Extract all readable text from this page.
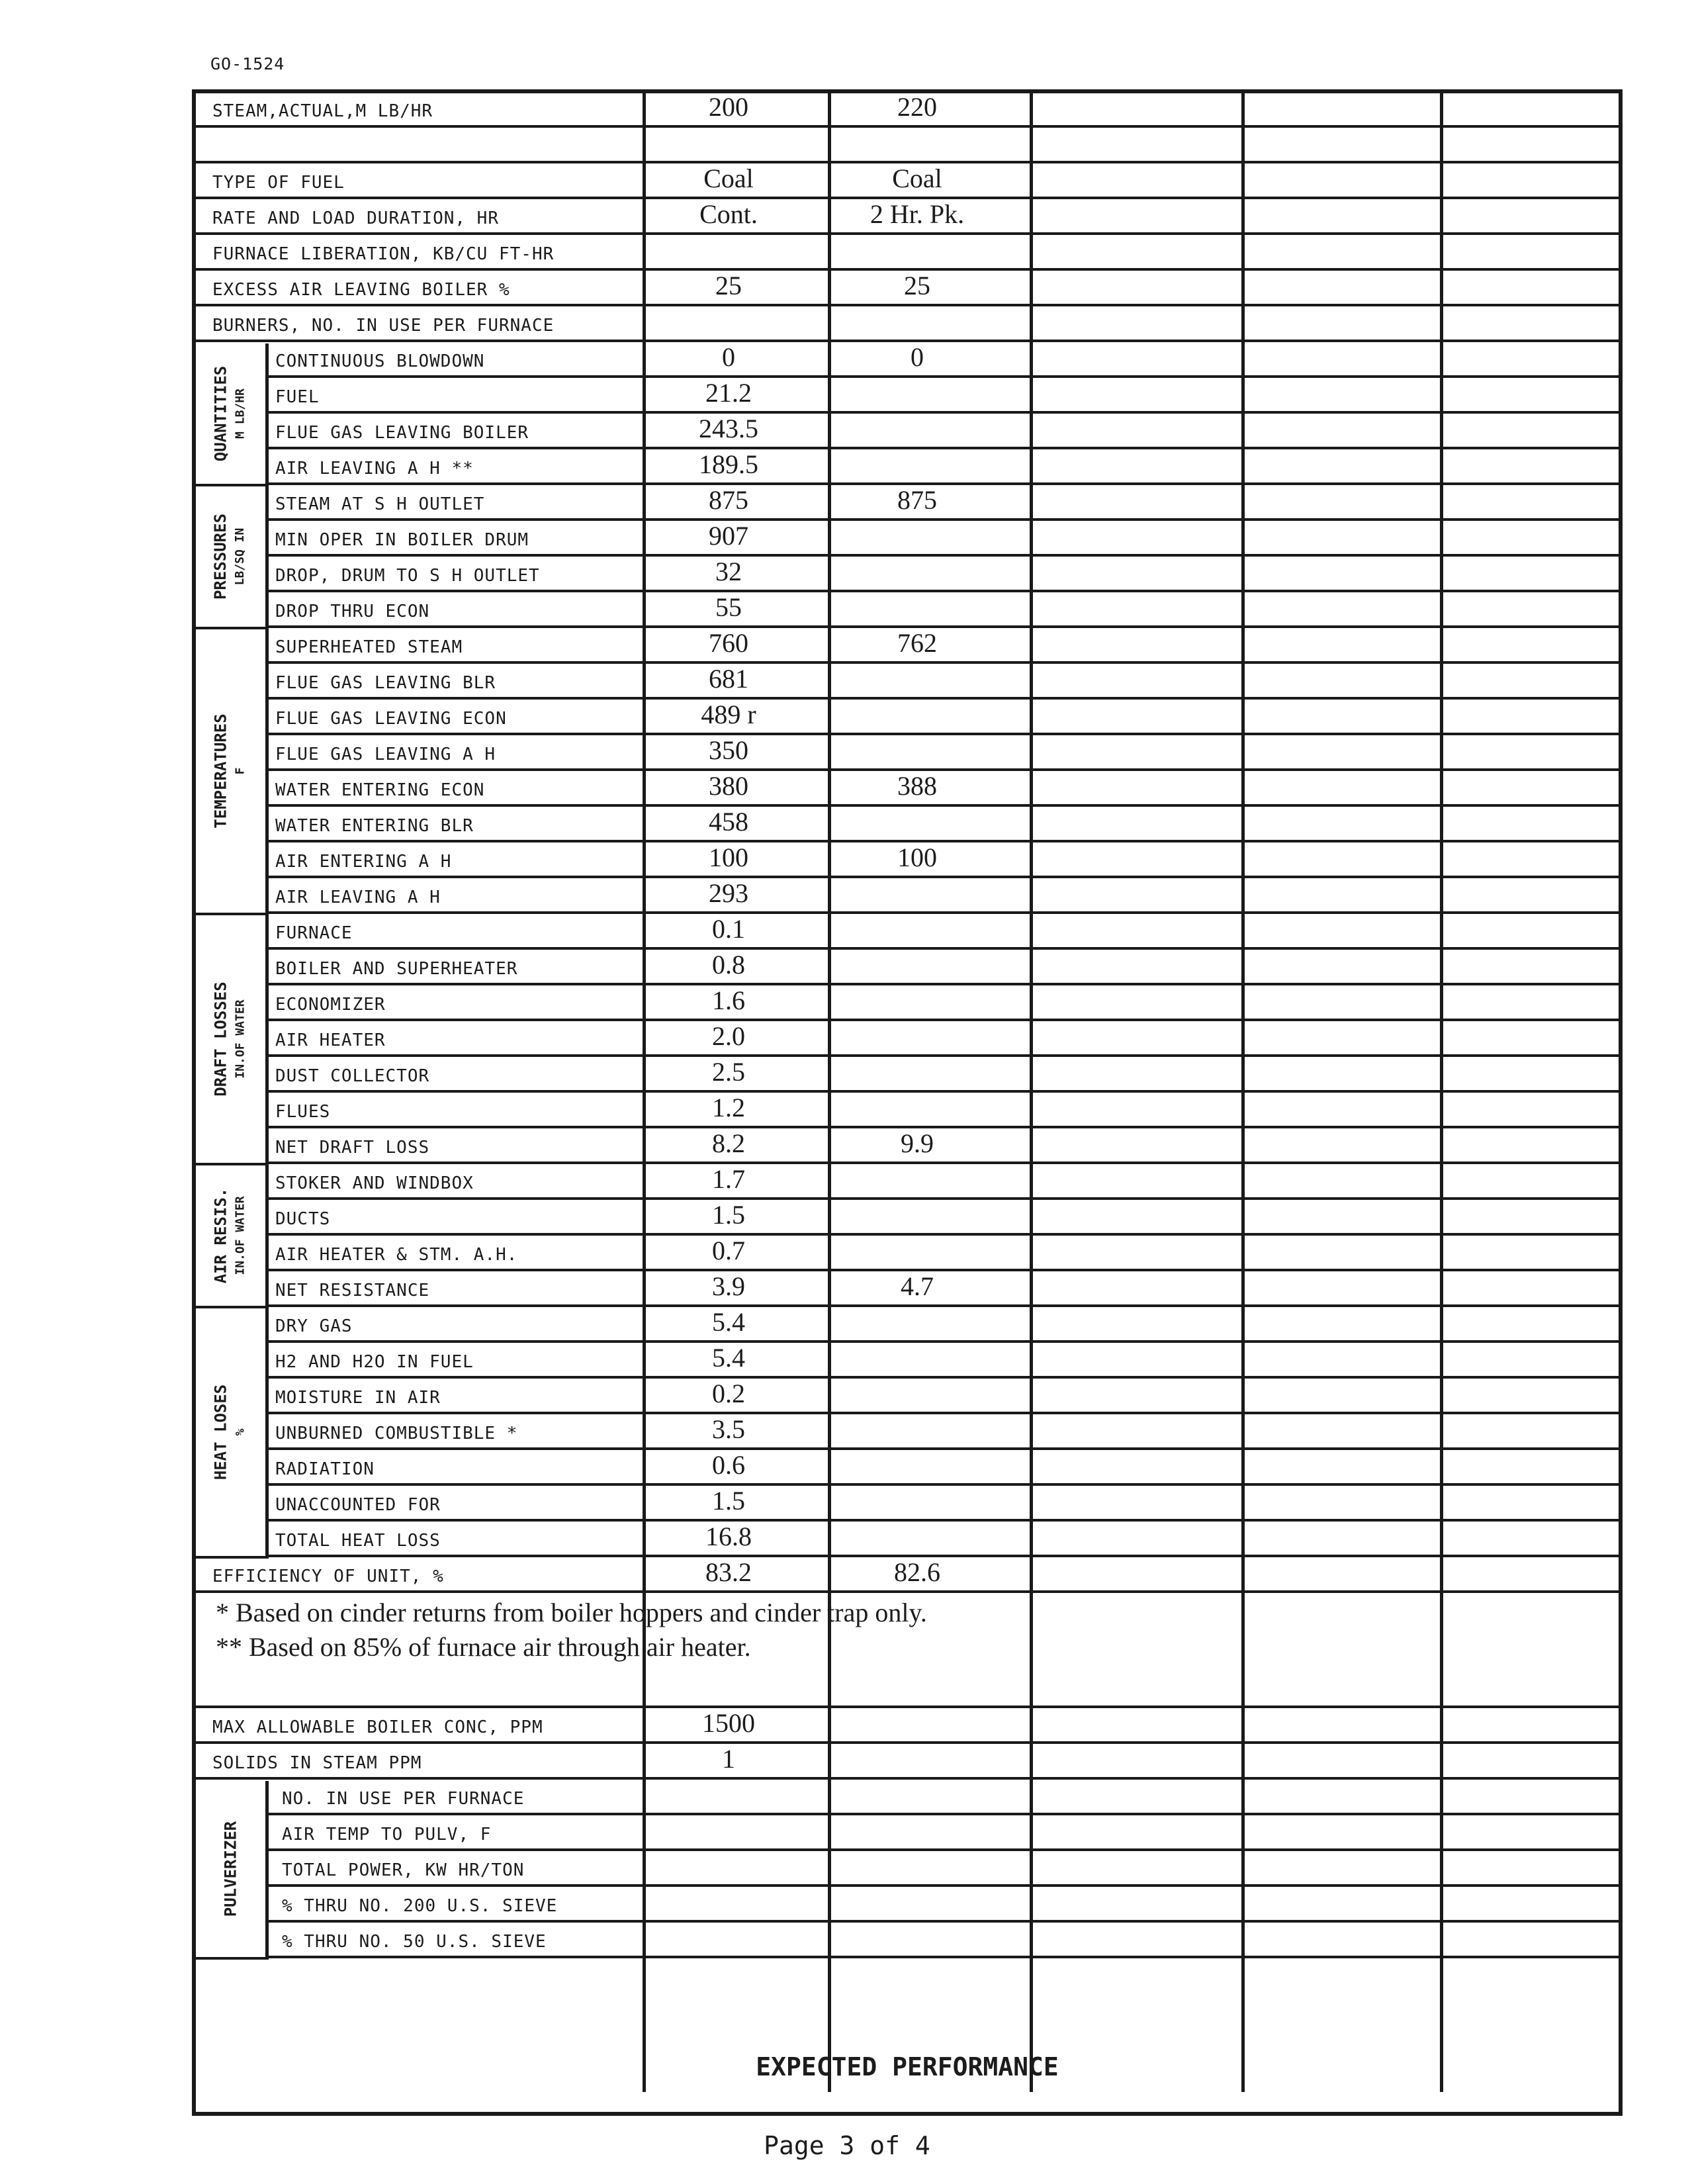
GO-1524
EXPECTED PERFORMANCE
STEAM,ACTUAL,M LB/HR	200	220
TYPE OF FUEL	Coal	Coal
RATE AND LOAD DURATION, HR	Cont.	2 Hr. Pk.
FURNACE LIBERATION, KB/CU FT-HR
EXCESS AIR LEAVING BOILER %	25	25
BURNERS, NO. IN USE PER FURNACE
CONTINUOUS BLOWDOWN	0	0
FUEL	21.2
FLUE GAS LEAVING BOILER	243.5
AIR LEAVING A H **	189.5
QUANTITIES M LB/HR
STEAM AT S H OUTLET	875	875
MIN OPER IN BOILER DRUM	907
DROP, DRUM TO S H OUTLET	32
DROP THRU ECON	55
PRESSURES LB/SQ IN
SUPERHEATED STEAM	760	762
FLUE GAS LEAVING BLR	681
FLUE GAS LEAVING ECON	489 r
FLUE GAS LEAVING A H	350
WATER ENTERING ECON	380	388
WATER ENTERING BLR	458
AIR ENTERING A H	100	100
AIR LEAVING A H	293
TEMPERATURES F
FURNACE	0.1
BOILER AND SUPERHEATER	0.8
ECONOMIZER	1.6
AIR HEATER	2.0
DUST COLLECTOR	2.5
FLUES	1.2
NET DRAFT LOSS	8.2	9.9
DRAFT LOSSES IN.OF WATER
STOKER AND WINDBOX	1.7
DUCTS	1.5
AIR HEATER & STM. A.H.	0.7
NET RESISTANCE	3.9	4.7
AIR RESIS. IN.OF WATER
DRY GAS	5.4
H2 AND H2O IN FUEL	5.4
MOISTURE IN AIR	0.2
UNBURNED COMBUSTIBLE *	3.5
RADIATION	0.6
UNACCOUNTED FOR	1.5
TOTAL HEAT LOSS	16.8
HEAT LOSES %
EFFICIENCY OF UNIT, %	83.2	82.6
* Based on cinder returns from boiler hoppers and cinder trap only.
** Based on 85% of furnace air through air heater.
MAX ALLOWABLE BOILER CONC, PPM	1500
SOLIDS IN STEAM PPM	1
NO. IN USE PER FURNACE
AIR TEMP TO PULV, F
TOTAL POWER, KW HR/TON
% THRU NO. 200 U.S. SIEVE
% THRU NO. 50 U.S. SIEVE
PULVERIZER
Page 3 of 4
